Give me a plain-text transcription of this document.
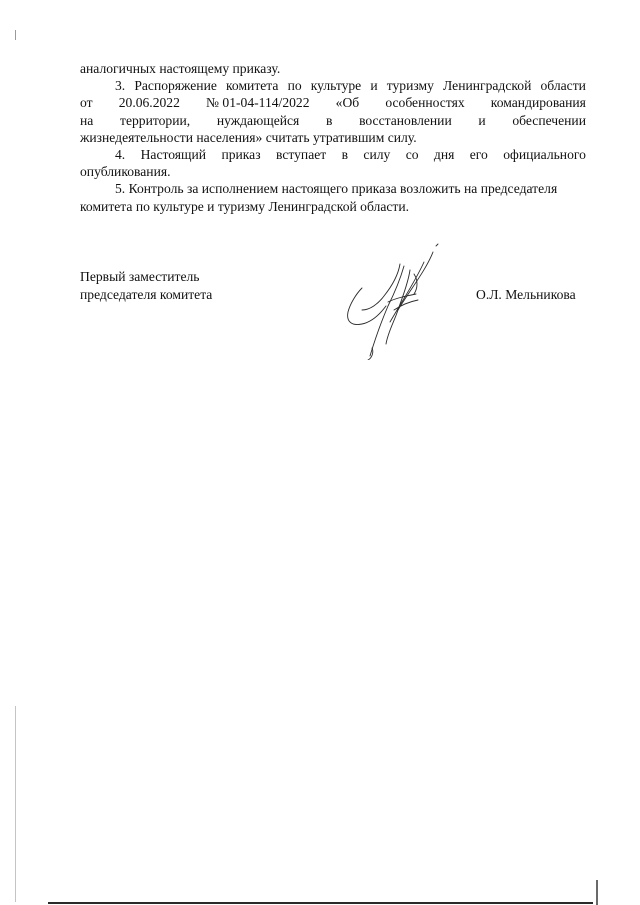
аналогичных настоящему приказу.

3. Распоряжение комитета по культуре и туризму Ленинградской области
от 20.06.2022 № 01-04-114/2022 «Об особенностях командирования
на территории, нуждающейся в восстановлении и обеспечении

жизнедеятельности населения» считать утратившим силу.

4. Настоящий приказ вступает в силу со дня его официального

опубликования.

5. Контроль за исполнением настоящего приказа возложить на председателя

комитета по культуре и туризму Ленинградской области.

Первый заместитель
председателя комитета	О.Л. Мельникова
